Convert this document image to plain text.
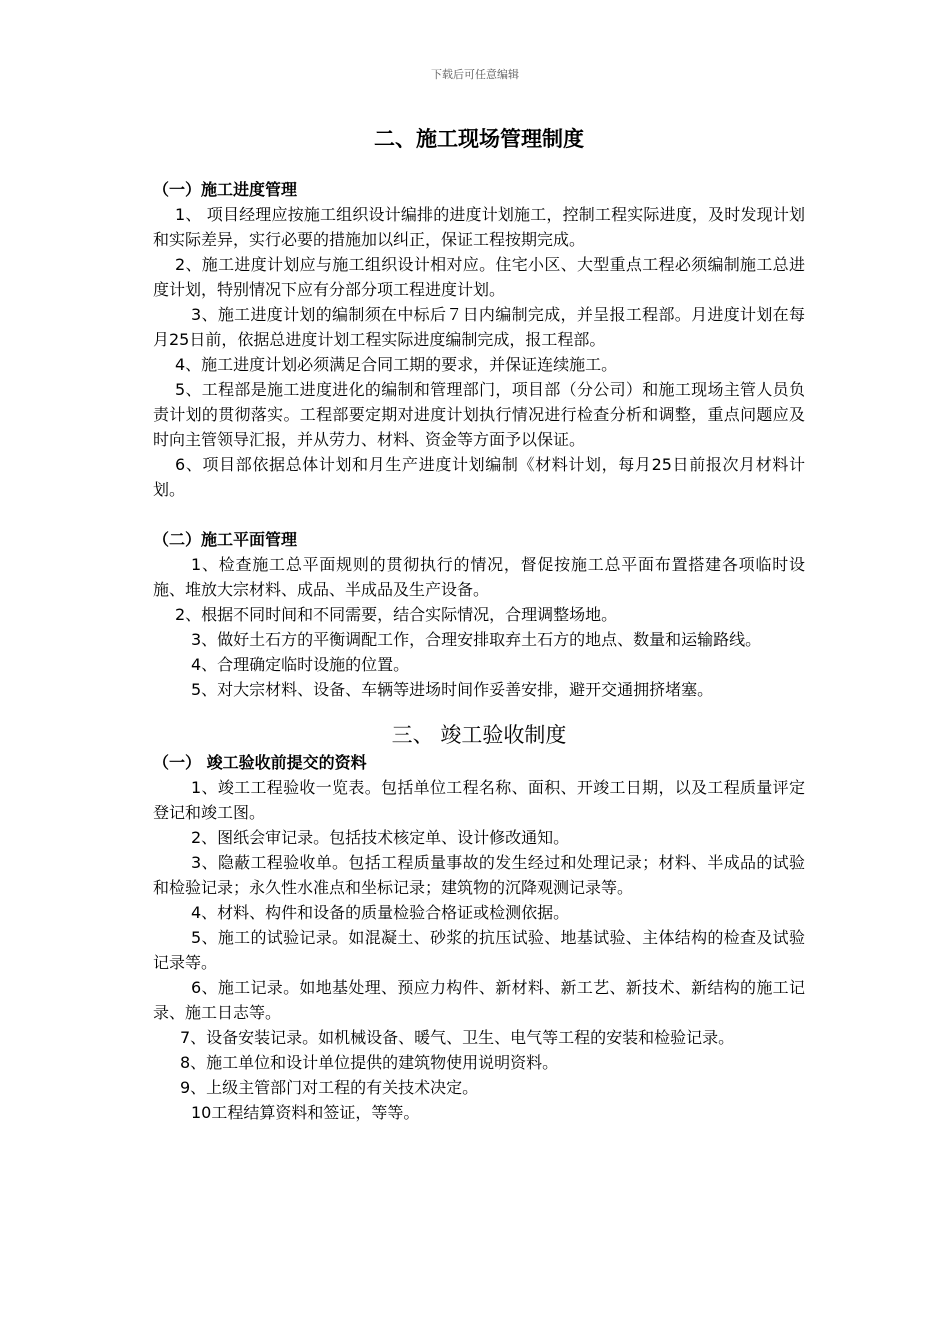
下载后可任意编辑
二、施工现场管理制度

（一）施工进度管理

1、 项目经理应按施工组织设计编排的进度计划施工，控制工程实际进度，及时发现计划和实际差异，实行必要的措施加以纠正，保证工程按期完成。

2、施工进度计划应与施工组织设计相对应。住宅小区、大型重点工程必须编制施工总进度计划，特别情况下应有分部分项工程进度计划。

3、施工进度计划的编制须在中标后７日内编制完成，并呈报工程部。月进度计划在每月25日前，依据总进度计划工程实际进度编制完成，报工程部。

4、施工进度计划必须满足合同工期的要求，并保证连续施工。

5、工程部是施工进度进化的编制和管理部门，项目部（分公司）和施工现场主管人员负责计划的贯彻落实。工程部要定期对进度计划执行情况进行检查分析和调整，重点问题应及时向主管领导汇报，并从劳力、材料、资金等方面予以保证。

6、项目部依据总体计划和月生产进度计划编制《材料计划，每月25日前报次月材料计划。

（二）施工平面管理

1、检查施工总平面规则的贯彻执行的情况，督促按施工总平面布置搭建各项临时设施、堆放大宗材料、成品、半成品及生产设备。

2、根据不同时间和不同需要，结合实际情况，合理调整场地。

3、做好土石方的平衡调配工作，合理安排取弃土石方的地点、数量和运输路线。

4、合理确定临时设施的位置。

5、对大宗材料、设备、车辆等进场时间作妥善安排，避开交通拥挤堵塞。

三、 竣工验收制度

（一） 竣工验收前提交的资料

1、竣工工程验收一览表。包括单位工程名称、面积、开竣工日期，以及工程质量评定登记和竣工图。

2、图纸会审记录。包括技术核定单、设计修改通知。

3、隐蔽工程验收单。包括工程质量事故的发生经过和处理记录；材料、半成品的试验和检验记录；永久性水准点和坐标记录；建筑物的沉降观测记录等。

4、材料、构件和设备的质量检验合格证或检测依据。

5、施工的试验记录。如混凝土、砂浆的抗压试验、地基试验、主体结构的检查及试验记录等。

6、施工记录。如地基处理、预应力构件、新材料、新工艺、新技术、新结构的施工记录、施工日志等。

7、设备安装记录。如机械设备、暖气、卫生、电气等工程的安装和检验记录。

8、施工单位和设计单位提供的建筑物使用说明资料。

9、上级主管部门对工程的有关技术决定。

10工程结算资料和签证，等等。
